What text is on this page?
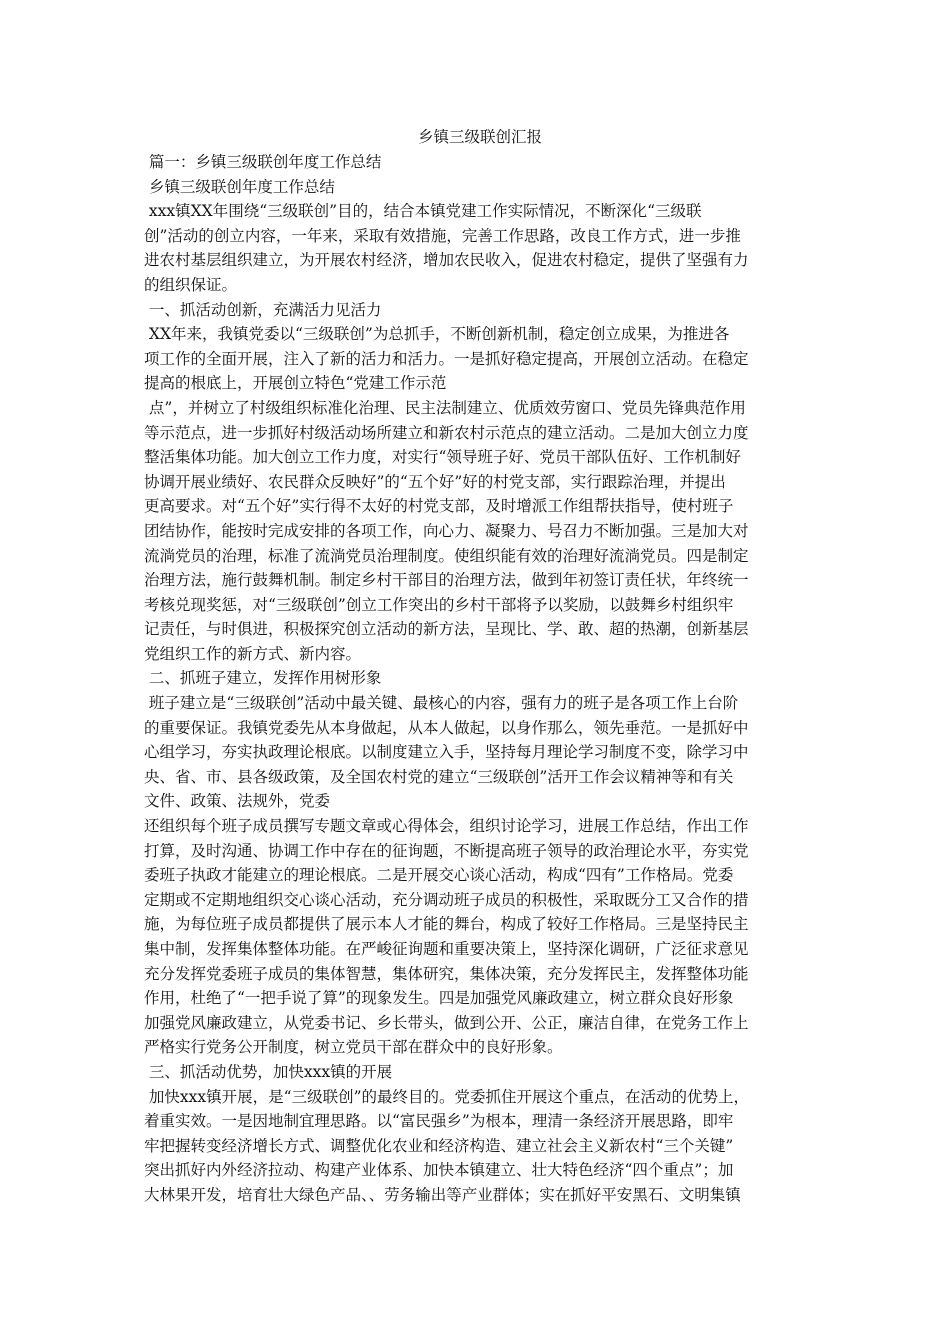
乡镇三级联创汇报

篇一：乡镇三级联创年度工作总结

乡镇三级联创年度工作总结

xxx镇XX年围绕“三级联创”目的，结合本镇党建工作实际情况，不断深化“三级联

创”活动的创立内容，一年来，采取有效措施，完善工作思路，改良工作方式，进一步推

进农村基层组织建立，为开展农村经济，增加农民收入，促进农村稳定，提供了坚强有力

的组织保证。

一、抓活动创新，充满活力见活力

XX年来，我镇党委以“三级联创”为总抓手，不断创新机制，稳定创立成果，为推进各

项工作的全面开展，注入了新的活力和活力。一是抓好稳定提高，开展创立活动。在稳定

提高的根底上，开展创立特色“党建工作示范

点”，并树立了村级组织标准化治理、民主法制建立、优质效劳窗口、党员先锋典范作用

等示范点，进一步抓好村级活动场所建立和新农村示范点的建立活动。二是加大创立力度

整活集体功能。加大创立工作力度，对实行“领导班子好、党员干部队伍好、工作机制好

协调开展业绩好、农民群众反映好”的“五个好”好的村党支部，实行跟踪治理，并提出

更高要求。对“五个好”实行得不太好的村党支部，及时增派工作组帮扶指导，使村班子

团结协作，能按时完成安排的各项工作，向心力、凝聚力、号召力不断加强。三是加大对

流淌党员的治理，标准了流淌党员治理制度。使组织能有效的治理好流淌党员。四是制定

治理方法，施行鼓舞机制。制定乡村干部目的治理方法，做到年初签订责任状，年终统一

考核兑现奖惩，对“三级联创”创立工作突出的乡村干部将予以奖励，以鼓舞乡村组织牢

记责任，与时俱进，积极探究创立活动的新方法，呈现比、学、敢、超的热潮，创新基层

党组织工作的新方式、新内容。

二、抓班子建立，发挥作用树形象

班子建立是“三级联创”活动中最关键、最核心的内容，强有力的班子是各项工作上台阶

的重要保证。我镇党委先从本身做起，从本人做起，以身作那么，领先垂范。一是抓好中

心组学习，夯实执政理论根底。以制度建立入手，坚持每月理论学习制度不变，除学习中

央、省、市、县各级政策，及全国农村党的建立“三级联创”活开工作会议精神等和有关

文件、政策、法规外，党委

还组织每个班子成员撰写专题文章或心得体会，组织讨论学习，进展工作总结，作出工作

打算，及时沟通、协调工作中存在的征询题，不断提高班子领导的政治理论水平，夯实党

委班子执政才能建立的理论根底。二是开展交心谈心活动，构成“四有”工作格局。党委

定期或不定期地组织交心谈心活动，充分调动班子成员的积极性，采取既分工又合作的措

施，为每位班子成员都提供了展示本人才能的舞台，构成了较好工作格局。三是坚持民主

集中制，发挥集体整体功能。在严峻征询题和重要决策上，坚持深化调研，广泛征求意见

充分发挥党委班子成员的集体智慧，集体研究，集体决策，充分发挥民主，发挥整体功能

作用，杜绝了“一把手说了算”的现象发生。四是加强党风廉政建立，树立群众良好形象

加强党风廉政建立，从党委书记、乡长带头，做到公开、公正，廉洁自律，在党务工作上

严格实行党务公开制度，树立党员干部在群众中的良好形象。

三、抓活动优势，加快xxx镇的开展

加快xxx镇开展，是“三级联创”的最终目的。党委抓住开展这个重点，在活动的优势上，

着重实效。一是因地制宜理思路。以“富民强乡”为根本，理清一条经济开展思路，即牢

牢把握转变经济增长方式、调整优化农业和经济构造、建立社会主义新农村“三个关键”

突出抓好内外经济拉动、构建产业体系、加快本镇建立、壮大特色经济“四个重点”；加

大林果开发，培育壮大绿色产品、、劳务输出等产业群体；实在抓好平安黑石、文明集镇
